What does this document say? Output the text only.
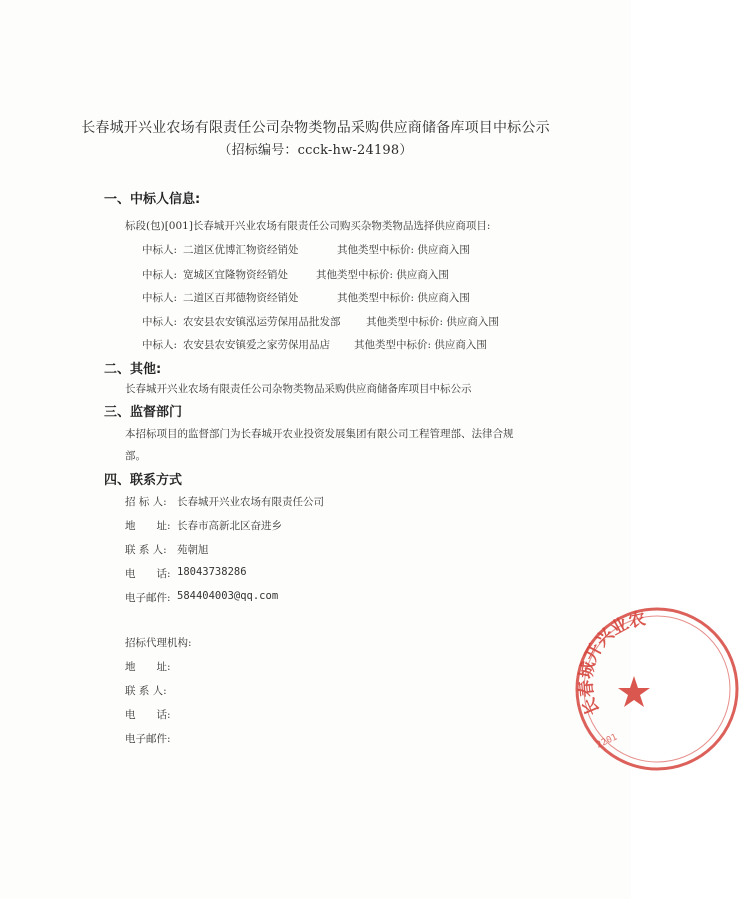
长春城开兴业农场有限责任公司杂物类物品采购供应商储备库项目中标公示
（招标编号：ccck-hw-24198）
一、中标人信息:
标段(包)[001]长春城开兴业农场有限责任公司购买杂物类物品选择供应商项目:
中标人: 二道区优博汇物资经销处	其他类型中标价: 供应商入围
中标人: 宽城区宜隆物资经销处	其他类型中标价: 供应商入围
中标人: 二道区百邦德物资经销处	其他类型中标价: 供应商入围
中标人: 农安县农安镇泓运劳保用品批发部 其他类型中标价: 供应商入围
中标人: 农安县农安镇爱之家劳保用品店 其他类型中标价: 供应商入围
二、其他:
长春城开兴业农场有限责任公司杂物类物品采购供应商储备库项目中标公示
三、监督部门
本招标项目的监督部门为长春城开农业投资发展集团有限公司工程管理部、法律合规
部。
四、联系方式
招 标 人: 长春城开兴业农场有限责任公司
地　　址: 长春市高新北区奋进乡
联 系 人: 苑朝旭
电　　话: 18043738286
电子邮件: 584404003@qq.com
招标代理机构:
地　　址:
联 系 人:
电　　话:
电子邮件:
长春城开兴业农
2201
